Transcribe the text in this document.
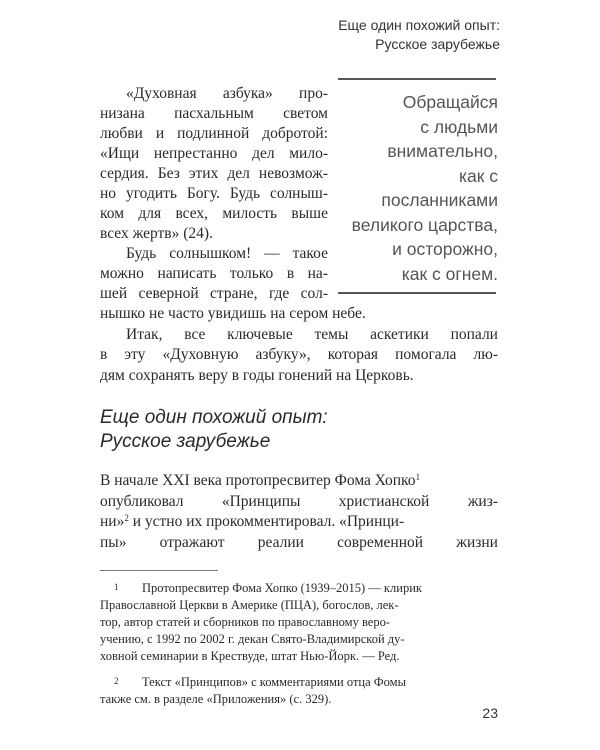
Еще один похожий опыт:
Русское зарубежье
«Духовная азбука» про-
низана пасхальным светом
любви и подлинной добротой:
«Ищи непрестанно дел мило-
сердия. Без этих дел невозмож-
но угодить Богу. Будь солныш-
ком для всех, милость выше
всех жертв» (24).
Будь солнышком! — такое
можно написать только в на-
шей северной стране, где сол-
Обращайся
с людьми
внимательно,
как с посланниками
великого царства,
и осторожно,
как с огнем.
нышко не часто увидишь на сером небе.
Итак, все ключевые темы аскетики попали
в эту «Духовную азбуку», которая помогала лю-
дям сохранять веру в годы гонений на Церковь.
Еще один похожий опыт:
Русское зарубежье
В начале XXI века протопресвитер Фома Хопко$^1$
опубликовал «Принципы христианской жиз-
ни»$^2$ и устно их прокомментировал. «Принци-
пы» отражают реалии современной жизни
1	Протопресвитер Фома Хопко (1939–2015) — клирик
Православной Церкви в Америке (ПЦА), богослов, лек-
тор, автор статей и сборников по православному веро-
учению, с 1992 по 2002 г. декан Свято-Владимирской ду-
ховной семинарии в Крествуде, штат Нью-Йорк. — Ред.
2	Текст «Принципов» с комментариями отца Фомы
также см. в разделе «Приложения» (с. 329).
23
